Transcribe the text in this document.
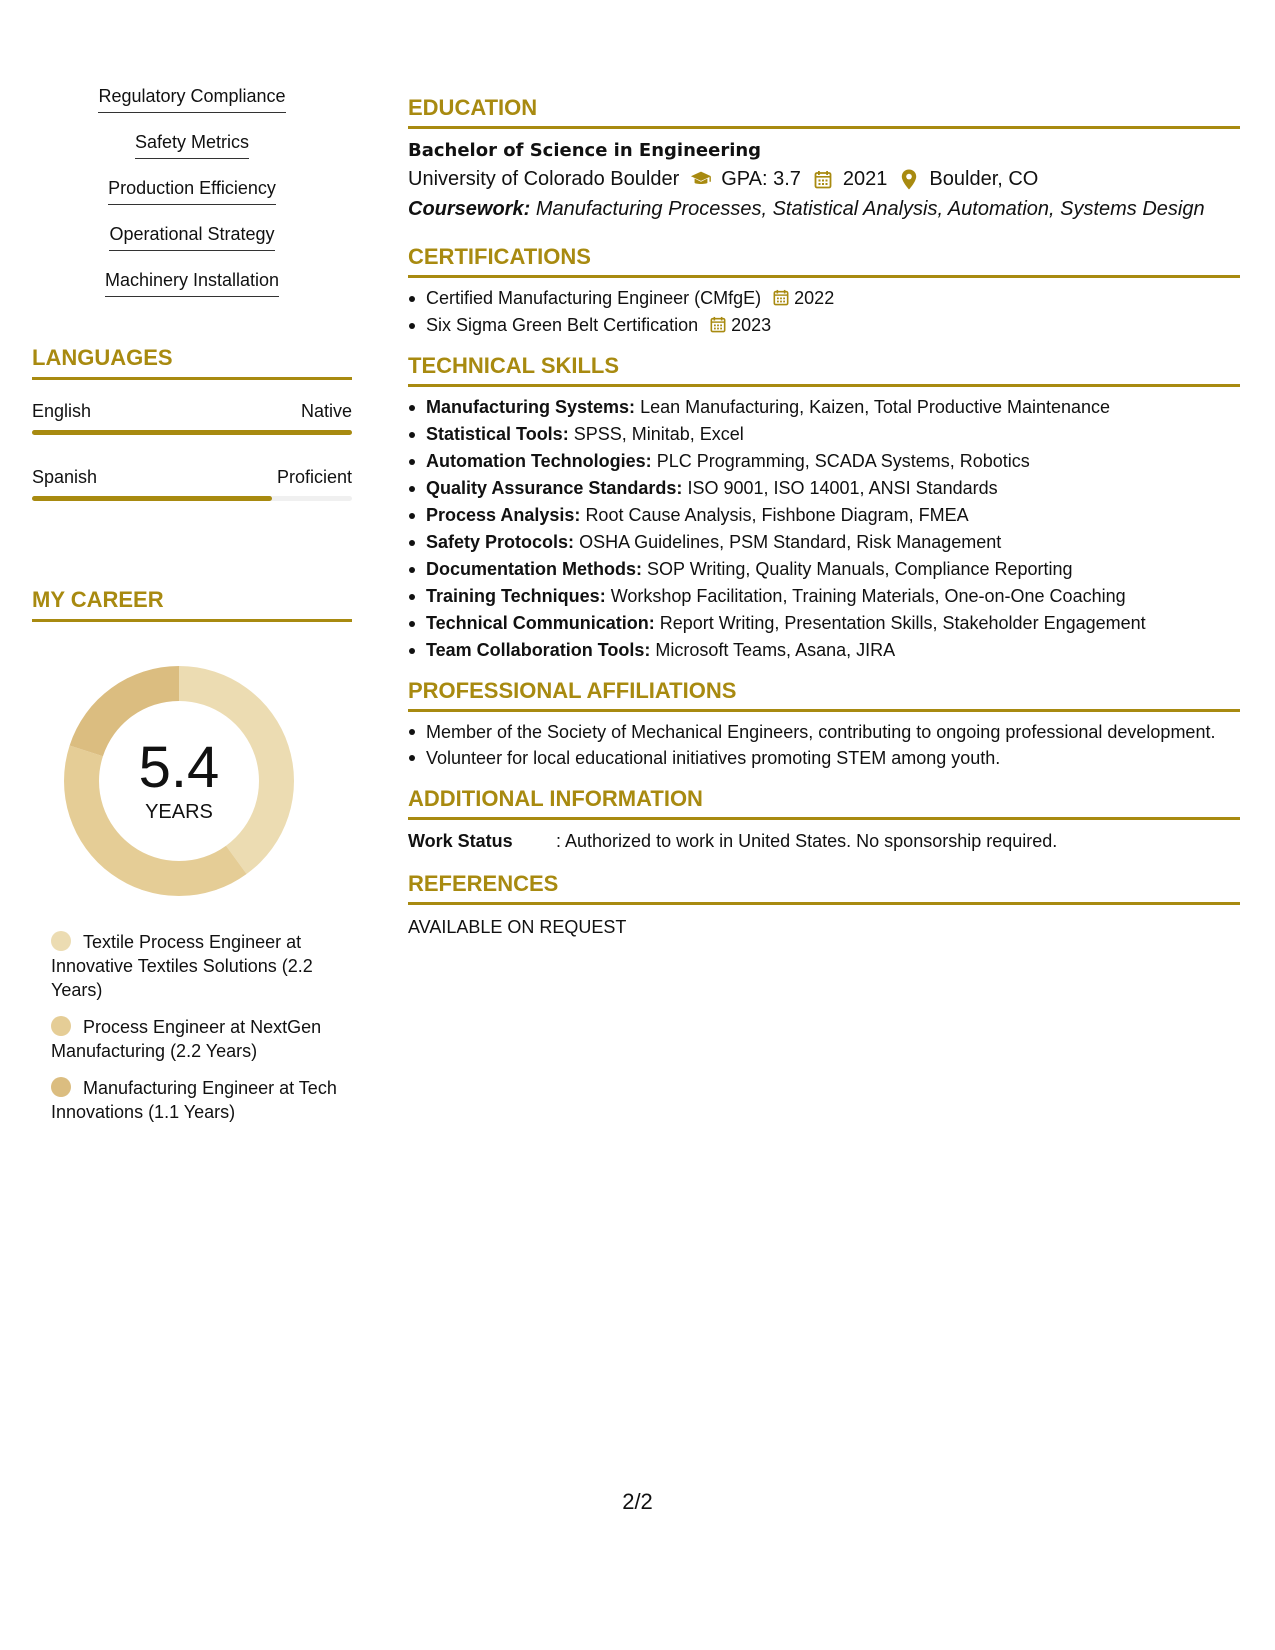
Regulatory Compliance
Safety Metrics
Production Efficiency
Operational Strategy
Machinery Installation
LANGUAGES
English	Native
Spanish	Proficient
MY CAREER
5.4
YEARS
Textile Process Engineer at Innovative Textiles Solutions (2.2 Years)
Process Engineer at NextGen Manufacturing (2.2 Years)
Manufacturing Engineer at Tech Innovations (1.1 Years)
EDUCATION
Bachelor of Science in Engineering
University of Colorado Boulder GPA: 3.7 2021 Boulder, CO
Coursework: Manufacturing Processes, Statistical Analysis, Automation, Systems Design
CERTIFICATIONS
Certified Manufacturing Engineer (CMfgE) 2022
Six Sigma Green Belt Certification 2023
TECHNICAL SKILLS
Manufacturing Systems: Lean Manufacturing, Kaizen, Total Productive Maintenance
Statistical Tools: SPSS, Minitab, Excel
Automation Technologies: PLC Programming, SCADA Systems, Robotics
Quality Assurance Standards: ISO 9001, ISO 14001, ANSI Standards
Process Analysis: Root Cause Analysis, Fishbone Diagram, FMEA
Safety Protocols: OSHA Guidelines, PSM Standard, Risk Management
Documentation Methods: SOP Writing, Quality Manuals, Compliance Reporting
Training Techniques: Workshop Facilitation, Training Materials, One-on-One Coaching
Technical Communication: Report Writing, Presentation Skills, Stakeholder Engagement
Team Collaboration Tools: Microsoft Teams, Asana, JIRA
PROFESSIONAL AFFILIATIONS
Member of the Society of Mechanical Engineers, contributing to ongoing professional development.
Volunteer for local educational initiatives promoting STEM among youth.
ADDITIONAL INFORMATION
Work Status	: Authorized to work in United States. No sponsorship required.
REFERENCES
AVAILABLE ON REQUEST
2/2
